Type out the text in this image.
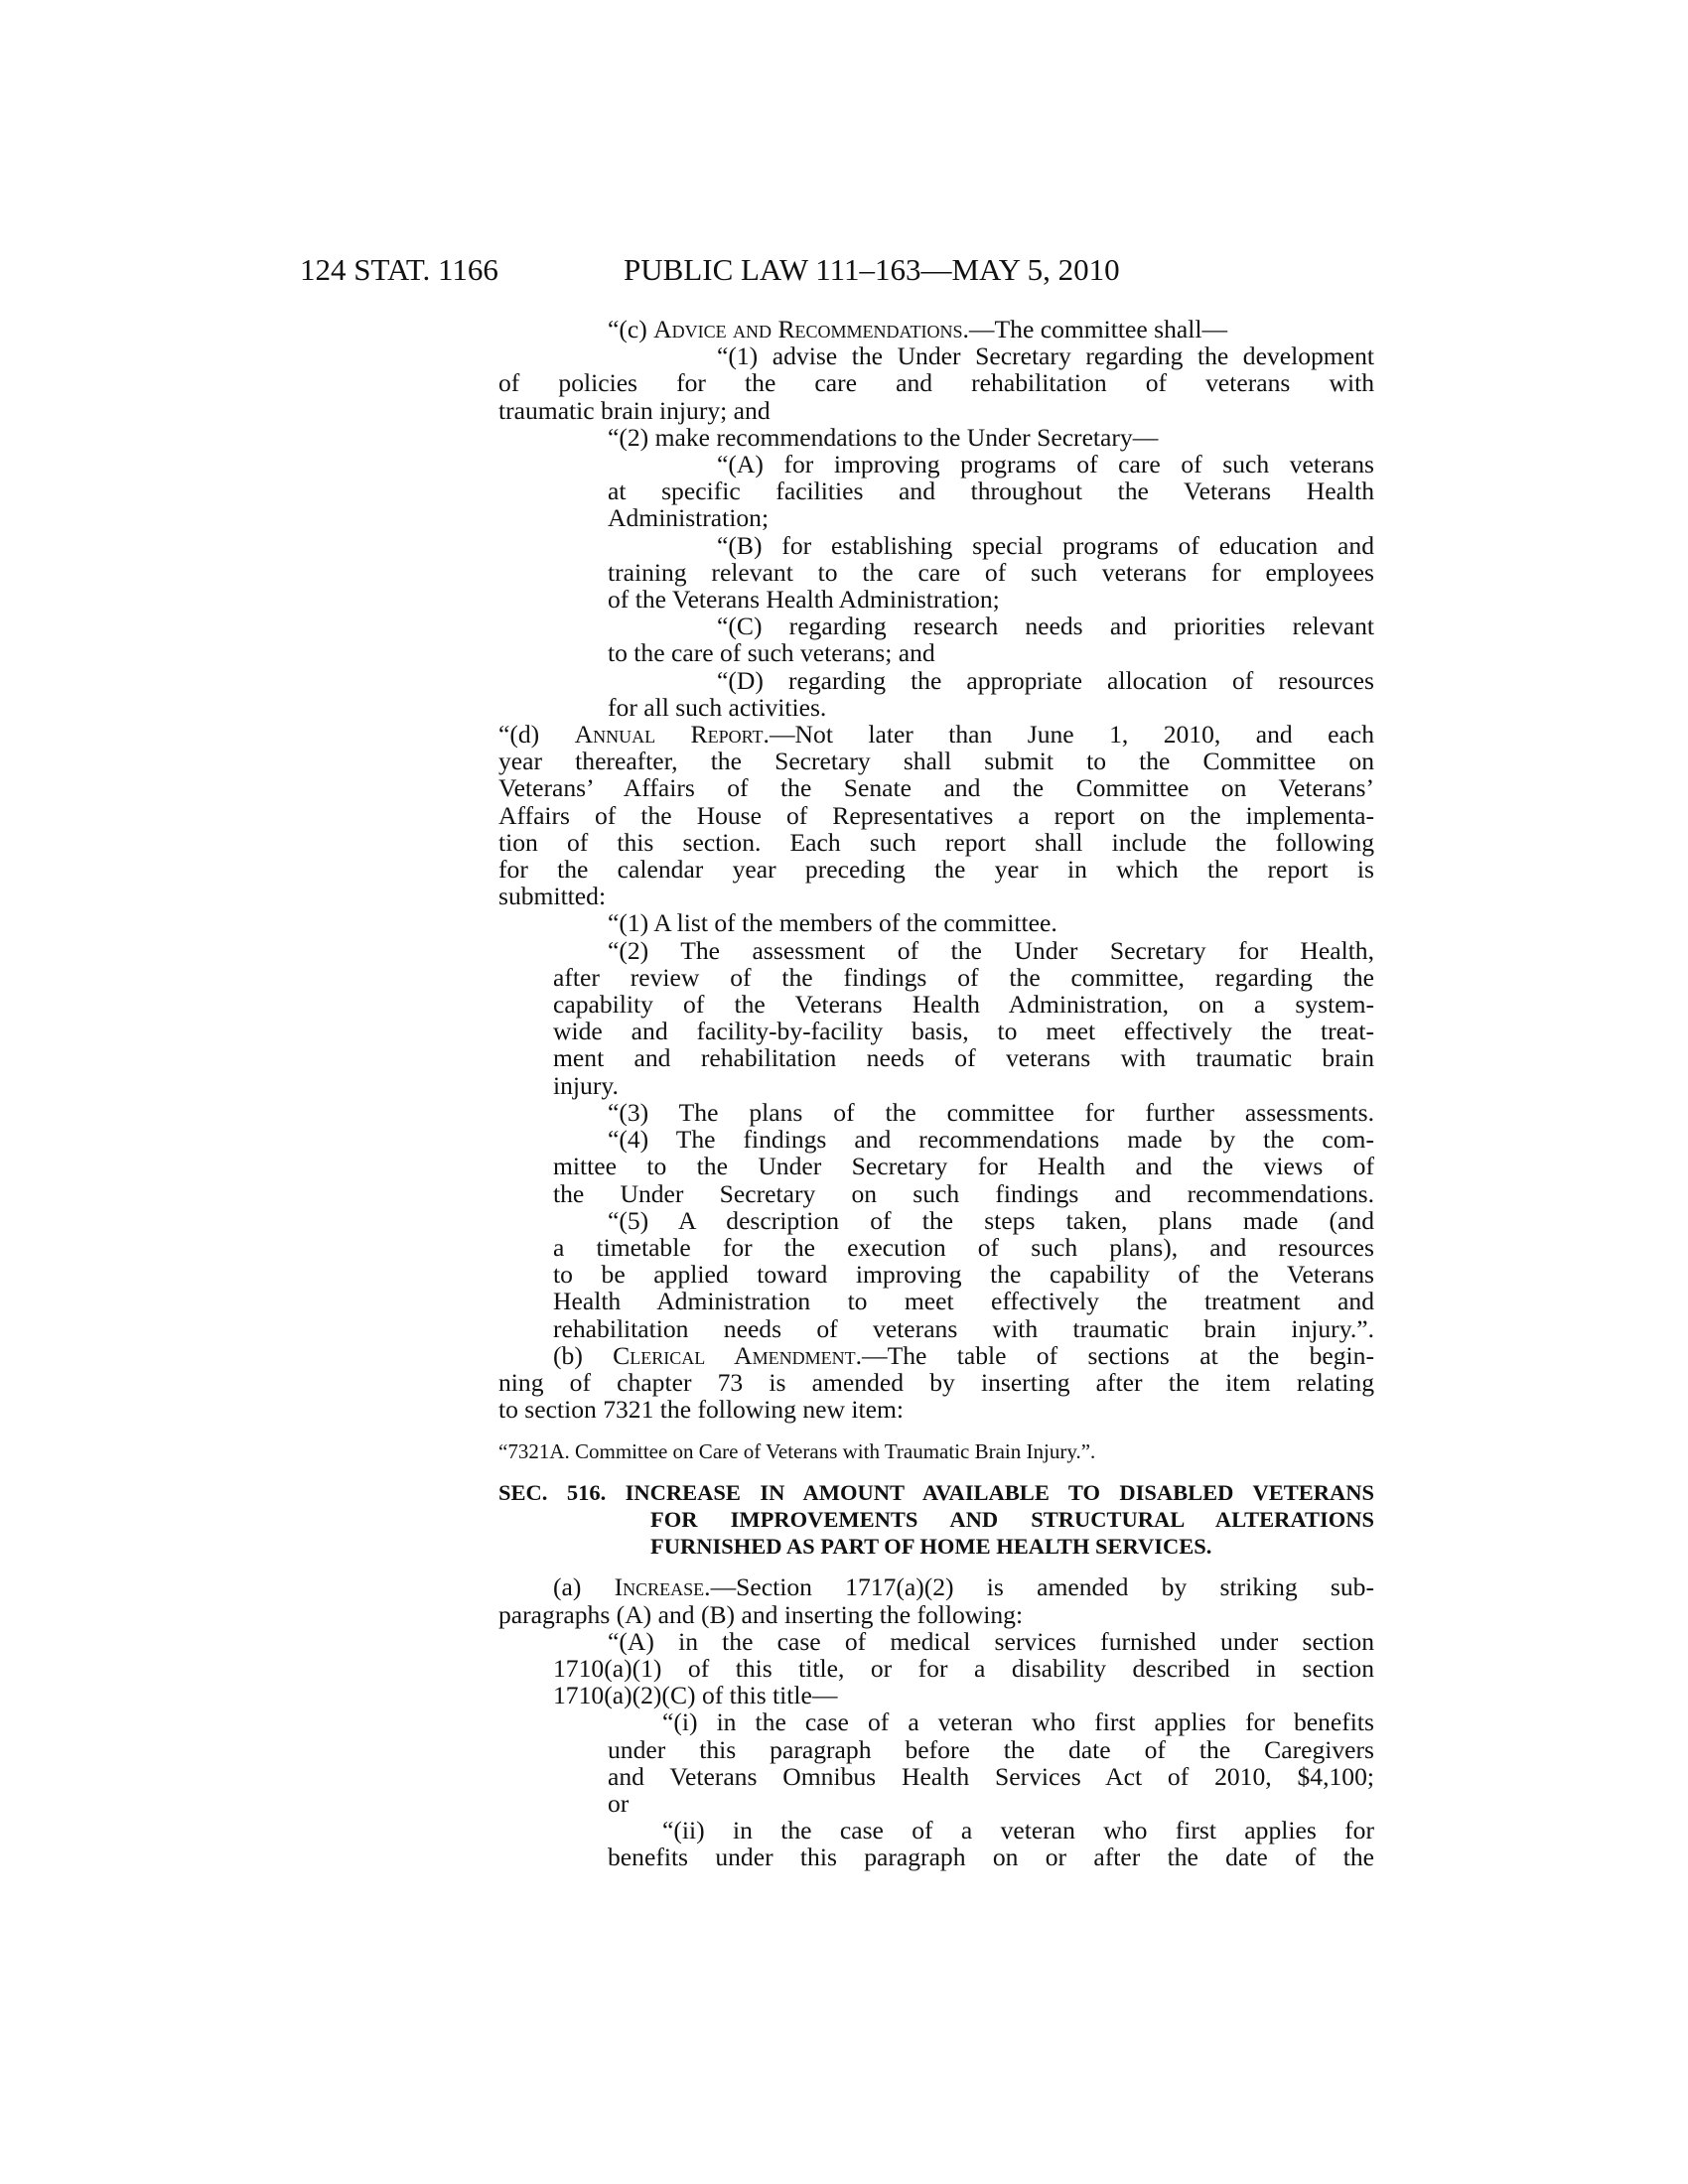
124 STAT. 1166	PUBLIC LAW 111–163—MAY 5, 2010
“(c) Advice and Recommendations.—The committee shall—
“(1) advise the Under Secretary regarding the development
of policies for the care and rehabilitation of veterans with
traumatic brain injury; and
“(2) make recommendations to the Under Secretary—
“(A) for improving programs of care of such veterans
at specific facilities and throughout the Veterans Health
Administration;
“(B) for establishing special programs of education and
training relevant to the care of such veterans for employees
of the Veterans Health Administration;
“(C) regarding research needs and priorities relevant
to the care of such veterans; and
“(D) regarding the appropriate allocation of resources
for all such activities.
“(d) Annual Report.—Not later than June 1, 2010, and each
year thereafter, the Secretary shall submit to the Committee on
Veterans’ Affairs of the Senate and the Committee on Veterans’
Affairs of the House of Representatives a report on the implementa-
tion of this section. Each such report shall include the following
for the calendar year preceding the year in which the report is
submitted:
“(1) A list of the members of the committee.
“(2) The assessment of the Under Secretary for Health,
after review of the findings of the committee, regarding the
capability of the Veterans Health Administration, on a system-
wide and facility-by-facility basis, to meet effectively the treat-
ment and rehabilitation needs of veterans with traumatic brain
injury.
“(3) The plans of the committee for further assessments.
“(4) The findings and recommendations made by the com-
mittee to the Under Secretary for Health and the views of
the Under Secretary on such findings and recommendations.
“(5) A description of the steps taken, plans made (and
a timetable for the execution of such plans), and resources
to be applied toward improving the capability of the Veterans
Health Administration to meet effectively the treatment and
rehabilitation needs of veterans with traumatic brain injury.”.
(b) Clerical Amendment.—The table of sections at the begin-
ning of chapter 73 is amended by inserting after the item relating
to section 7321 the following new item:
“7321A. Committee on Care of Veterans with Traumatic Brain Injury.”.
SEC. 516. INCREASE IN AMOUNT AVAILABLE TO DISABLED VETERANS
FOR IMPROVEMENTS AND STRUCTURAL ALTERATIONS
FURNISHED AS PART OF HOME HEALTH SERVICES.
(a) Increase.—Section 1717(a)(2) is amended by striking sub-
paragraphs (A) and (B) and inserting the following:
“(A) in the case of medical services furnished under section
1710(a)(1) of this title, or for a disability described in section
1710(a)(2)(C) of this title—
“(i) in the case of a veteran who first applies for benefits
under this paragraph before the date of the Caregivers
and Veterans Omnibus Health Services Act of 2010, $4,100;
or
“(ii) in the case of a veteran who first applies for
benefits under this paragraph on or after the date of the
